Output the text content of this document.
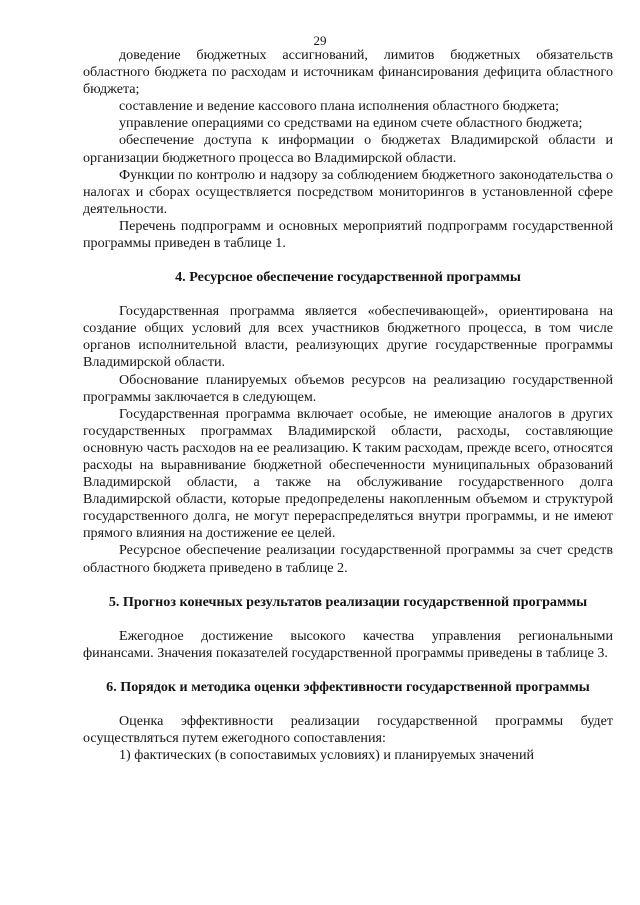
29

доведение бюджетных ассигнований, лимитов бюджетных обязательств областного бюджета по расходам и источникам финансирования дефицита областного бюджета;

составление и ведение кассового плана исполнения областного бюджета;

управление операциями со средствами на едином счете областного бюджета;

обеспечение доступа к информации о бюджетах Владимирской области и организации бюджетного процесса во Владимирской области.

Функции по контролю и надзору за соблюдением бюджетного законодательства о налогах и сборах осуществляется посредством мониторингов в установленной сфере деятельности.

Перечень подпрограмм и основных мероприятий подпрограмм государственной программы приведен в таблице 1.

4. Ресурсное обеспечение государственной программы

Государственная программа является «обеспечивающей», ориентирована на создание общих условий для всех участников бюджетного процесса, в том числе органов исполнительной власти, реализующих другие государственные программы Владимирской области.

Обоснование планируемых объемов ресурсов на реализацию государственной программы заключается в следующем.

Государственная программа включает особые, не имеющие аналогов в других государственных программах Владимирской области, расходы, составляющие основную часть расходов на ее реализацию. К таким расходам, прежде всего, относятся расходы на выравнивание бюджетной обеспеченности муниципальных образований Владимирской области, а также на обслуживание государственного долга Владимирской области, которые предопределены накопленным объемом и структурой государственного долга, не могут перераспределяться внутри программы, и не имеют прямого влияния на достижение ее целей.

Ресурсное обеспечение реализации государственной программы за счет средств областного бюджета приведено в таблице 2.

5. Прогноз конечных результатов реализации государственной программы

Ежегодное достижение высокого качества управления региональными финансами. Значения показателей государственной программы приведены в таблице 3.

6. Порядок и методика оценки эффективности государственной программы

Оценка эффективности реализации государственной программы будет осуществляться путем ежегодного сопоставления:

1) фактических (в сопоставимых условиях) и планируемых значений
